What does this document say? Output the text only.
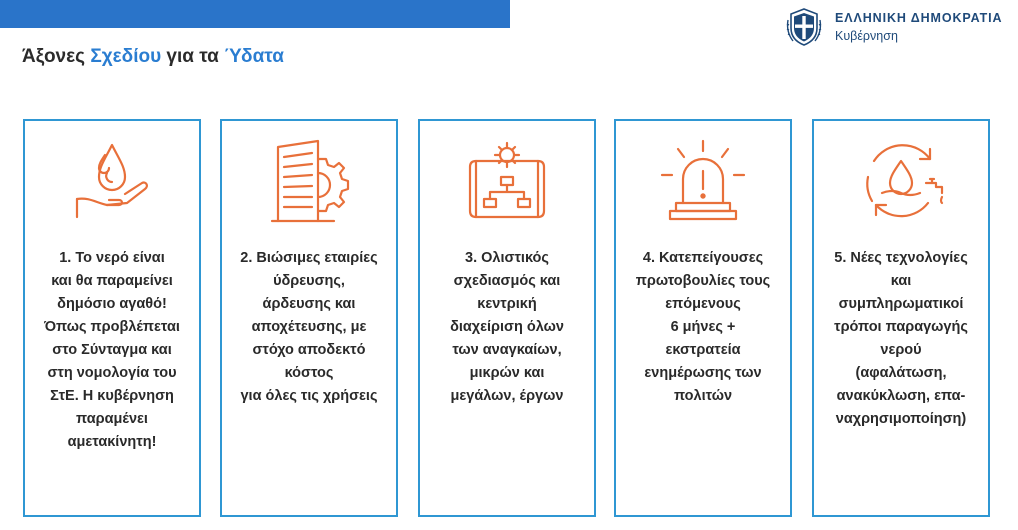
ΕΛΛΗΝΙΚΗ ΔΗΜΟΚΡΑΤΙΑ
Κυβέρνηση
Άξονες Σχεδίου για τα Ύδατα
1. Το νερό είναι
και θα παραμείνει
δημόσιο αγαθό!
Όπως προβλέπεται
στο Σύνταγμα και
στη νομολογία του
ΣτΕ. Η κυβέρνηση
παραμένει
αμετακίνητη!
2. Βιώσιμες εταιρίες
ύδρευσης,
άρδευσης και
αποχέτευσης, με
στόχο αποδεκτό
κόστος
για όλες τις χρήσεις
3. Ολιστικός
σχεδιασμός και
κεντρική
διαχείριση όλων
των αναγκαίων,
μικρών και
μεγάλων, έργων
4. Κατεπείγουσες
πρωτοβουλίες τους
επόμενους
6 μήνες +
εκστρατεία
ενημέρωσης των
πολιτών
5. Νέες τεχνολογίες
και
συμπληρωματικοί
τρόποι παραγωγής
νερού
(αφαλάτωση,
ανακύκλωση, επα-
ναχρησιμοποίηση)
